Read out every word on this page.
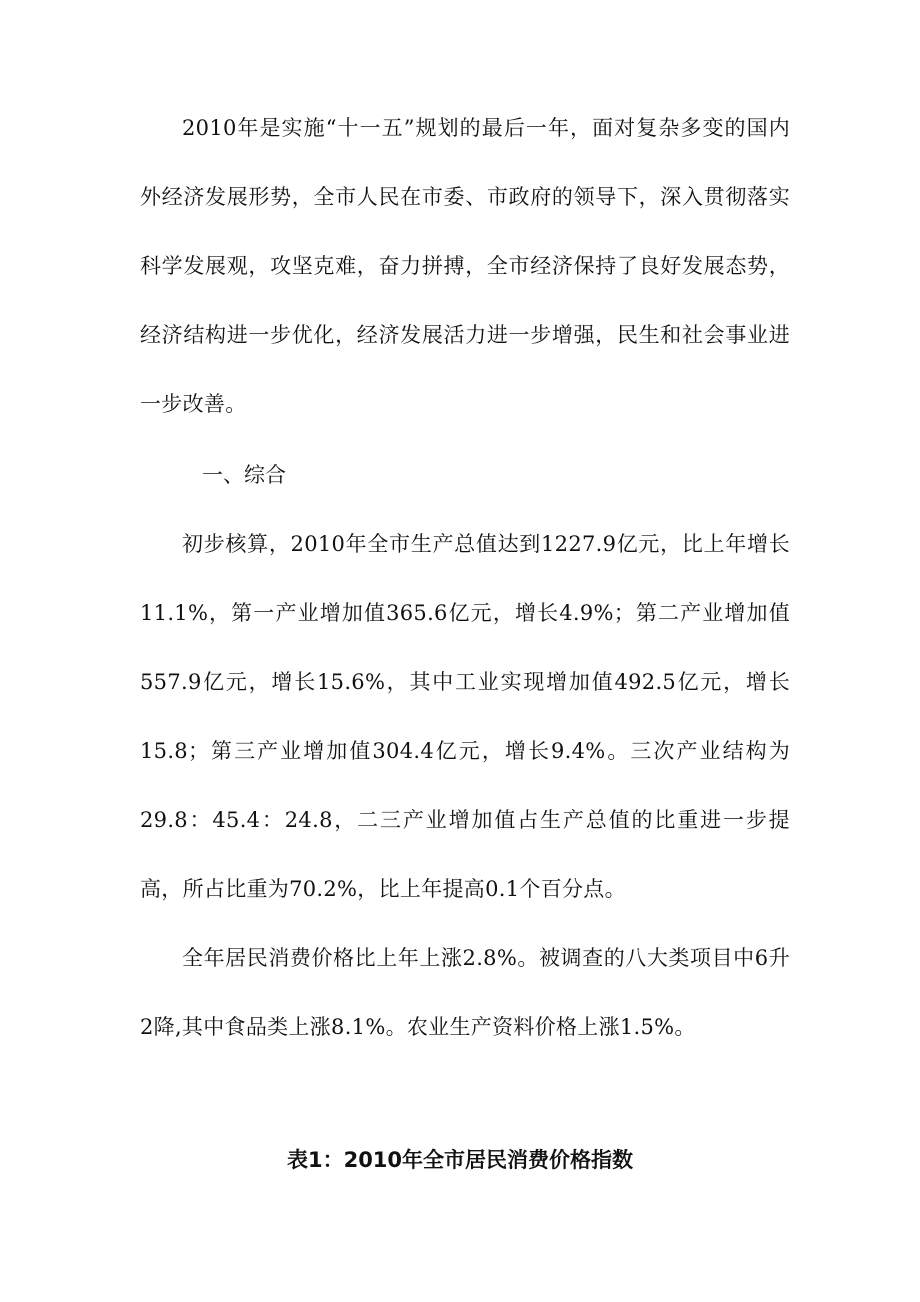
2010年是实施“十一五”规划的最后一年，面对复杂多变的国内外经济发展形势，全市人民在市委、市政府的领导下，深入贯彻落实科学发展观，攻坚克难，奋力拼搏，全市经济保持了良好发展态势，经济结构进一步优化，经济发展活力进一步增强，民生和社会事业进一步改善。

一、综合

初步核算，2010年全市生产总值达到1227.9亿元，比上年增长11.1%，第一产业增加值365.6亿元，增长4.9%；第二产业增加值557.9亿元，增长15.6%，其中工业实现增加值492.5亿元，增长15.8；第三产业增加值304.4亿元，增长9.4%。三次产业结构为29.8：45.4：24.8，二三产业增加值占生产总值的比重进一步提高，所占比重为70.2%，比上年提高0.1个百分点。

全年居民消费价格比上年上涨2.8%。被调查的八大类项目中6升2降,其中食品类上涨8.1%。农业生产资料价格上涨1.5%。

表1：2010年全市居民消费价格指数
